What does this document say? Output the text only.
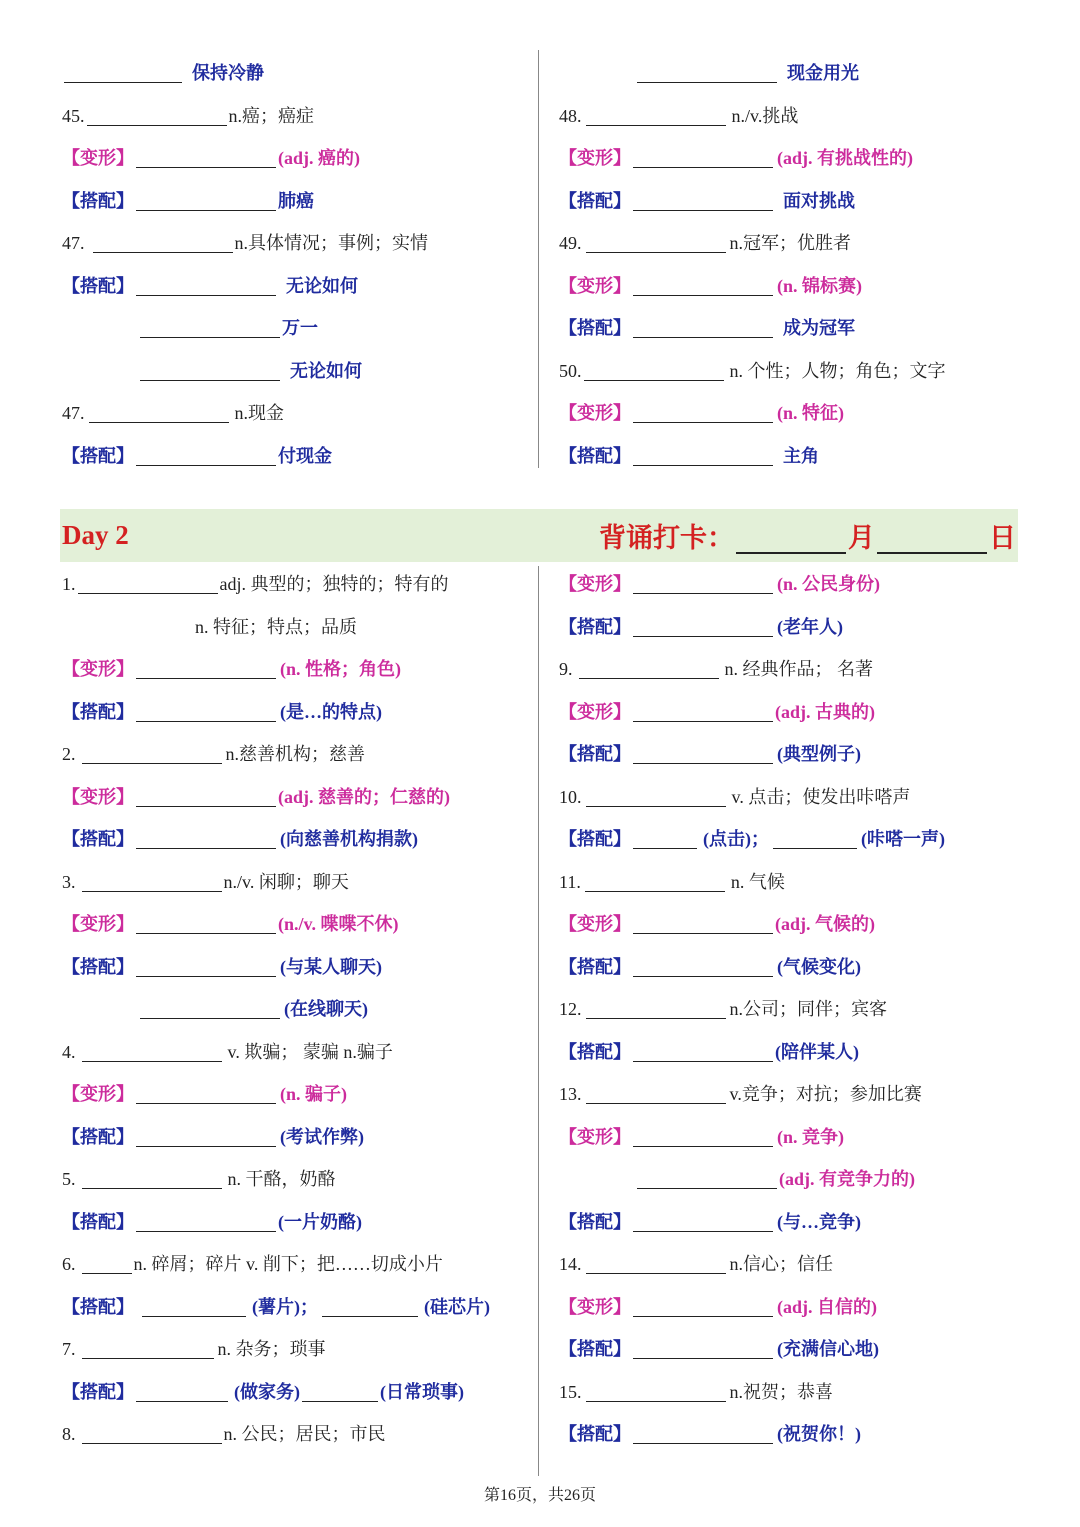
保持冷静
45.	n.癌；癌症
【变形】	(adj. 癌的)
【搭配】	肺癌
47.	n.具体情况；事例；实情
【搭配】	无论如何
万一
无论如何
47.	n.现金
【搭配】	付现金
现金用光
48.	n./v.挑战
【变形】	(adj. 有挑战性的)
【搭配】	面对挑战
49.	n.冠军；优胜者
【变形】	(n. 锦标赛)
【搭配】	成为冠军
50.	n. 个性；人物；角色；文字
【变形】	(n. 特征)
【搭配】	主角
Day 2	背诵打卡：	月	日
1.	adj. 典型的；独特的；特有的
n. 特征；特点；品质
【变形】	(n. 性格；角色)
【搭配】	(是…的特点)
2.	n.慈善机构；慈善
【变形】	(adj. 慈善的；仁慈的)
【搭配】	(向慈善机构捐款)
3.	n./v. 闲聊；聊天
【变形】	(n./v. 喋喋不休)
【搭配】	(与某人聊天)
(在线聊天)
4.	v. 欺骗； 蒙骗 n.骗子
【变形】	(n. 骗子)
【搭配】	(考试作弊)
5.	n. 干酪，奶酪
【搭配】	(一片奶酪)
6.	n. 碎屑；碎片 v. 削下；把……切成小片
【搭配】	(薯片)；	(硅芯片)
7.	n. 杂务；琐事
【搭配】	(做家务)	(日常琐事)
8.	n. 公民；居民；市民
【变形】	(n. 公民身份)
【搭配】	(老年人)
9.	n. 经典作品； 名著
【变形】	(adj. 古典的)
【搭配】	(典型例子)
10.	v. 点击；使发出咔嗒声
【搭配】	(点击)；	(咔嗒一声)
11.	n. 气候
【变形】	(adj. 气候的)
【搭配】	(气候变化)
12.	n.公司；同伴；宾客
【搭配】	(陪伴某人)
13.	v.竞争；对抗；参加比赛
【变形】	(n. 竞争)
(adj. 有竞争力的)
【搭配】	(与…竞争)
14.	n.信心；信任
【变形】	(adj. 自信的)
【搭配】	(充满信心地)
15.	n.祝贺；恭喜
【搭配】	(祝贺你！)
第16页，共26页
